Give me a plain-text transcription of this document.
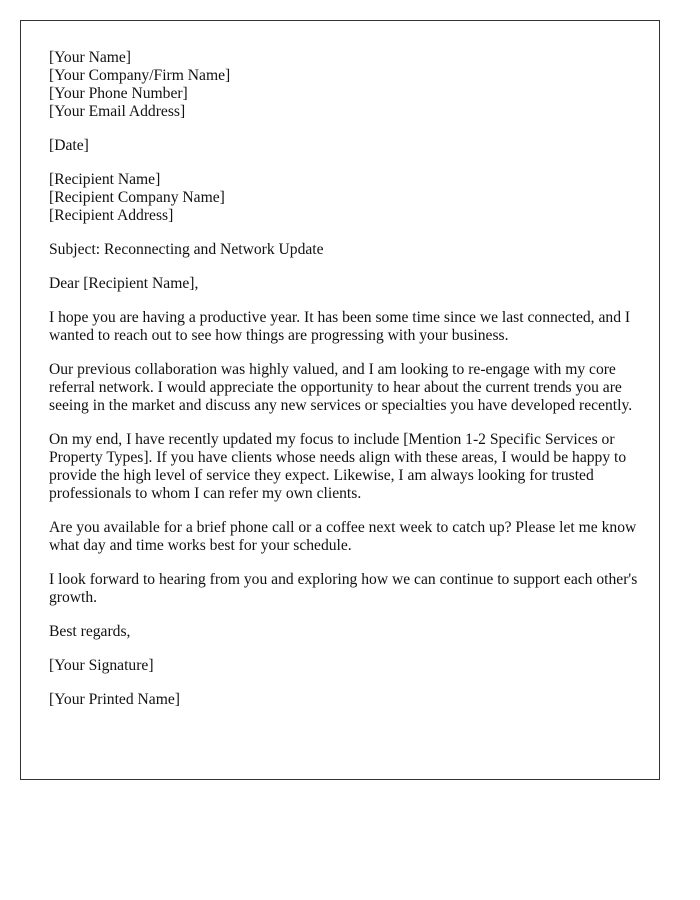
[Your Name]
[Your Company/Firm Name]
[Your Phone Number]
[Your Email Address]

[Date]

[Recipient Name]
[Recipient Company Name]
[Recipient Address]

Subject: Reconnecting and Network Update

Dear [Recipient Name],

I hope you are having a productive year. It has been some time since we last connected, and I wanted to reach out to see how things are progressing with your business.

Our previous collaboration was highly valued, and I am looking to re-engage with my core referral network. I would appreciate the opportunity to hear about the current trends you are seeing in the market and discuss any new services or specialties you have developed recently.

On my end, I have recently updated my focus to include [Mention 1-2 Specific Services or Property Types]. If you have clients whose needs align with these areas, I would be happy to provide the high level of service they expect. Likewise, I am always looking for trusted professionals to whom I can refer my own clients.

Are you available for a brief phone call or a coffee next week to catch up? Please let me know what day and time works best for your schedule.

I look forward to hearing from you and exploring how we can continue to support each other's growth.

Best regards,

[Your Signature]

[Your Printed Name]
